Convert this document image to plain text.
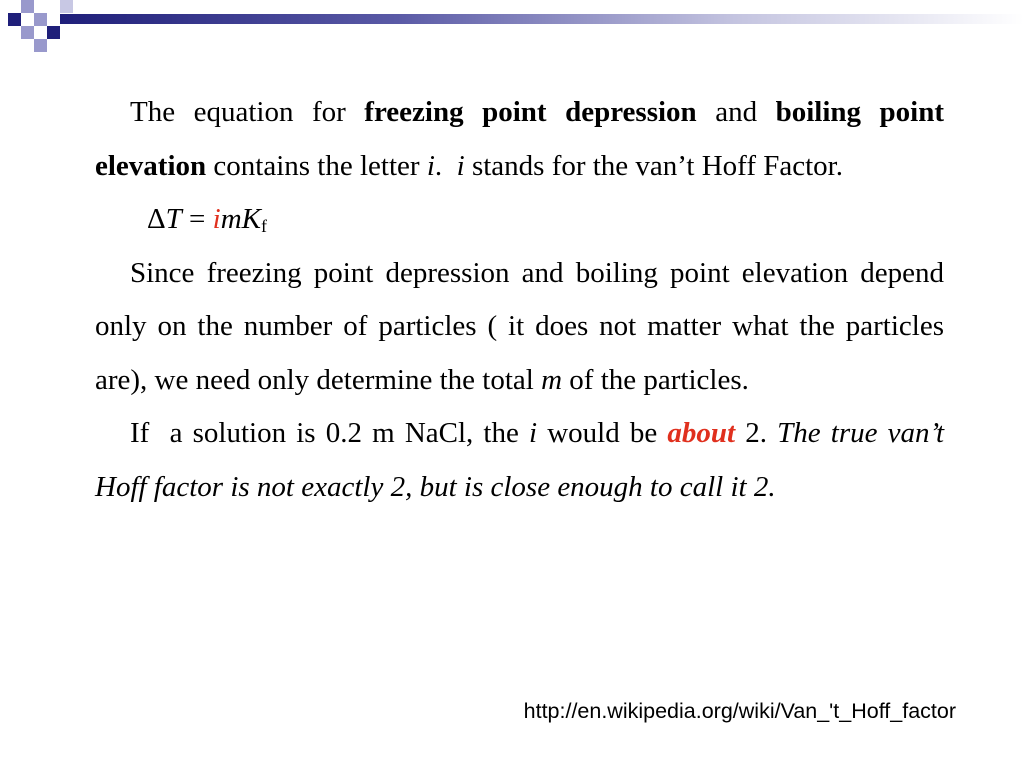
The equation for freezing point depression and boiling point elevation contains the letter i.  i stands for the van’t Hoff Factor.

ΔT = imK$_f$

Since freezing point depression and boiling point elevation depend only on the number of particles ( it does not matter what the particles are), we need only determine the total m of the particles.

If  a solution is 0.2 m NaCl, the i would be about 2. The true van’t Hoff factor is not exactly 2, but is close enough to call it 2.

http://en.wikipedia.org/wiki/Van_'t_Hoff_factor
